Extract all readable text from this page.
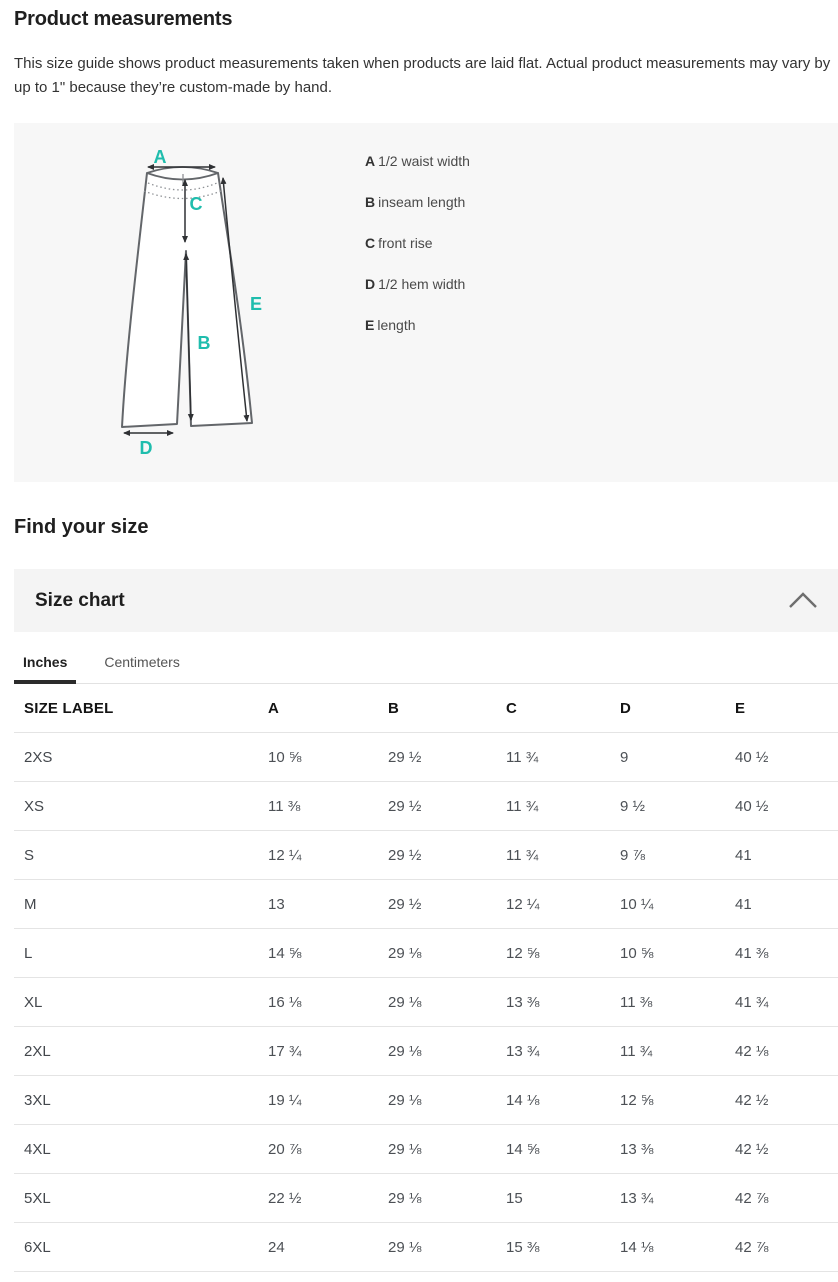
Product measurements

This size guide shows product measurements taken when products are laid flat. Actual product measurements may vary by up to 1" because they’re custom-made by hand.

A
C
B
E
D
A 1/2 waist width
B inseam length
C front rise
D 1/2 hem width
E length
Find your size
Size chart
Inches	Centimeters
SIZE LABEL	A	B	C	D	E
2XS	10 ⅝	29 ½	11 ¾	9	40 ½
XS	11 ⅜	29 ½	11 ¾	9 ½	40 ½
S	12 ¼	29 ½	11 ¾	9 ⅞	41
M	13	29 ½	12 ¼	10 ¼	41
L	14 ⅝	29 ⅛	12 ⅝	10 ⅝	41 ⅜
XL	16 ⅛	29 ⅛	13 ⅜	11 ⅜	41 ¾
2XL	17 ¾	29 ⅛	13 ¾	11 ¾	42 ⅛
3XL	19 ¼	29 ⅛	14 ⅛	12 ⅝	42 ½
4XL	20 ⅞	29 ⅛	14 ⅝	13 ⅜	42 ½
5XL	22 ½	29 ⅛	15	13 ¾	42 ⅞
6XL	24	29 ⅛	15 ⅜	14 ⅛	42 ⅞
